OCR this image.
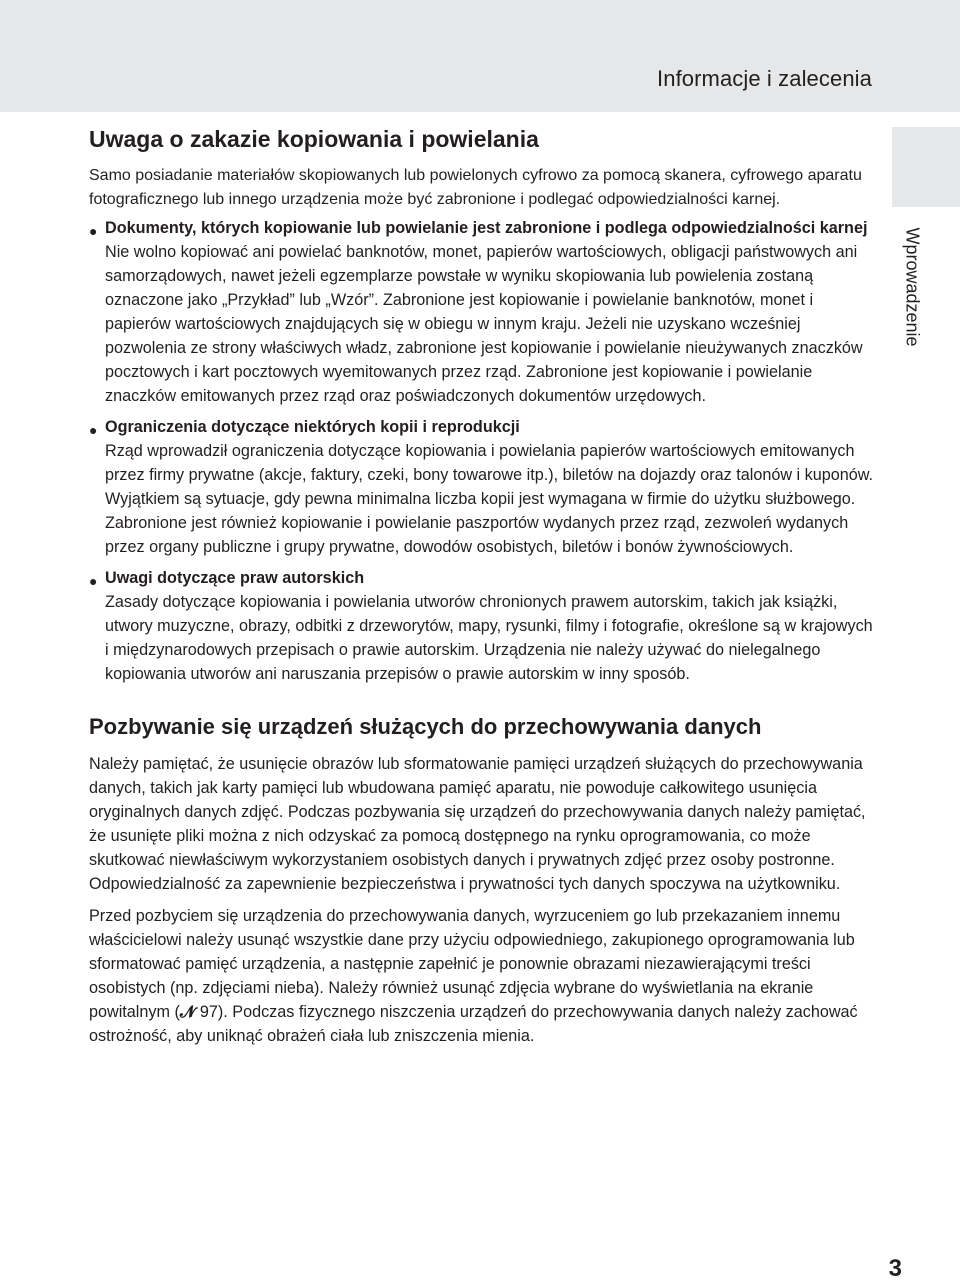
Informacje i zalecenia
Wprowadzenie
Uwaga o zakazie kopiowania i powielania

Samo posiadanie materiałów skopiowanych lub powielonych cyfrowo za pomocą skanera, cyfrowego aparatu fotograficznego lub innego urządzenia może być zabronione i podlegać odpowiedzialności karnej.

● Dokumenty, których kopiowanie lub powielanie jest zabronione i podlega odpowiedzialności karnej
Nie wolno kopiować ani powielać banknotów, monet, papierów wartościowych, obligacji państwowych ani samorządowych, nawet jeżeli egzemplarze powstałe w wyniku skopiowania lub powielenia zostaną oznaczone jako „Przykład” lub „Wzór”. Zabronione jest kopiowanie i powielanie banknotów, monet i papierów wartościowych znajdujących się w obiegu w innym kraju. Jeżeli nie uzyskano wcześniej pozwolenia ze strony właściwych władz, zabronione jest kopiowanie i powielanie nieużywanych znaczków pocztowych i kart pocztowych wyemitowanych przez rząd. Zabronione jest kopiowanie i powielanie znaczków emitowanych przez rząd oraz poświadczonych dokumentów urzędowych.
● Ograniczenia dotyczące niektórych kopii i reprodukcji
Rząd wprowadził ograniczenia dotyczące kopiowania i powielania papierów wartościowych emitowanych przez firmy prywatne (akcje, faktury, czeki, bony towarowe itp.), biletów na dojazdy oraz talonów i kuponów. Wyjątkiem są sytuacje, gdy pewna minimalna liczba kopii jest wymagana w firmie do użytku służbowego. Zabronione jest również kopiowanie i powielanie paszportów wydanych przez rząd, zezwoleń wydanych przez organy publiczne i grupy prywatne, dowodów osobistych, biletów i bonów żywnościowych.
● Uwagi dotyczące praw autorskich
Zasady dotyczące kopiowania i powielania utworów chronionych prawem autorskim, takich jak książki, utwory muzyczne, obrazy, odbitki z drzeworytów, mapy, rysunki, filmy i fotografie, określone są w krajowych i międzynarodowych przepisach o prawie autorskim. Urządzenia nie należy używać do nielegalnego kopiowania utworów ani naruszania przepisów o prawie autorskim w inny sposób.
Pozbywanie się urządzeń służących do przechowywania danych

Należy pamiętać, że usunięcie obrazów lub sformatowanie pamięci urządzeń służących do przechowywania danych, takich jak karty pamięci lub wbudowana pamięć aparatu, nie powoduje całkowitego usunięcia oryginalnych danych zdjęć. Podczas pozbywania się urządzeń do przechowywania danych należy pamiętać, że usunięte pliki można z nich odzyskać za pomocą dostępnego na rynku oprogramowania, co może skutkować niewłaściwym wykorzystaniem osobistych danych i prywatnych zdjęć przez osoby postronne. Odpowiedzialność za zapewnienie bezpieczeństwa i prywatności tych danych spoczywa na użytkowniku.

Przed pozbyciem się urządzenia do przechowywania danych, wyrzuceniem go lub przekazaniem innemu właścicielowi należy usunąć wszystkie dane przy użyciu odpowiedniego, zakupionego oprogramowania lub sformatować pamięć urządzenia, a następnie zapełnić je ponownie obrazami niezawierającymi treści osobistych (np. zdjęciami nieba). Należy również usunąć zdjęcia wybrane do wyświetlania na ekranie powitalnym (𝓝 97). Podczas fizycznego niszczenia urządzeń do przechowywania danych należy zachować ostrożność, aby uniknąć obrażeń ciała lub zniszczenia mienia.

3
